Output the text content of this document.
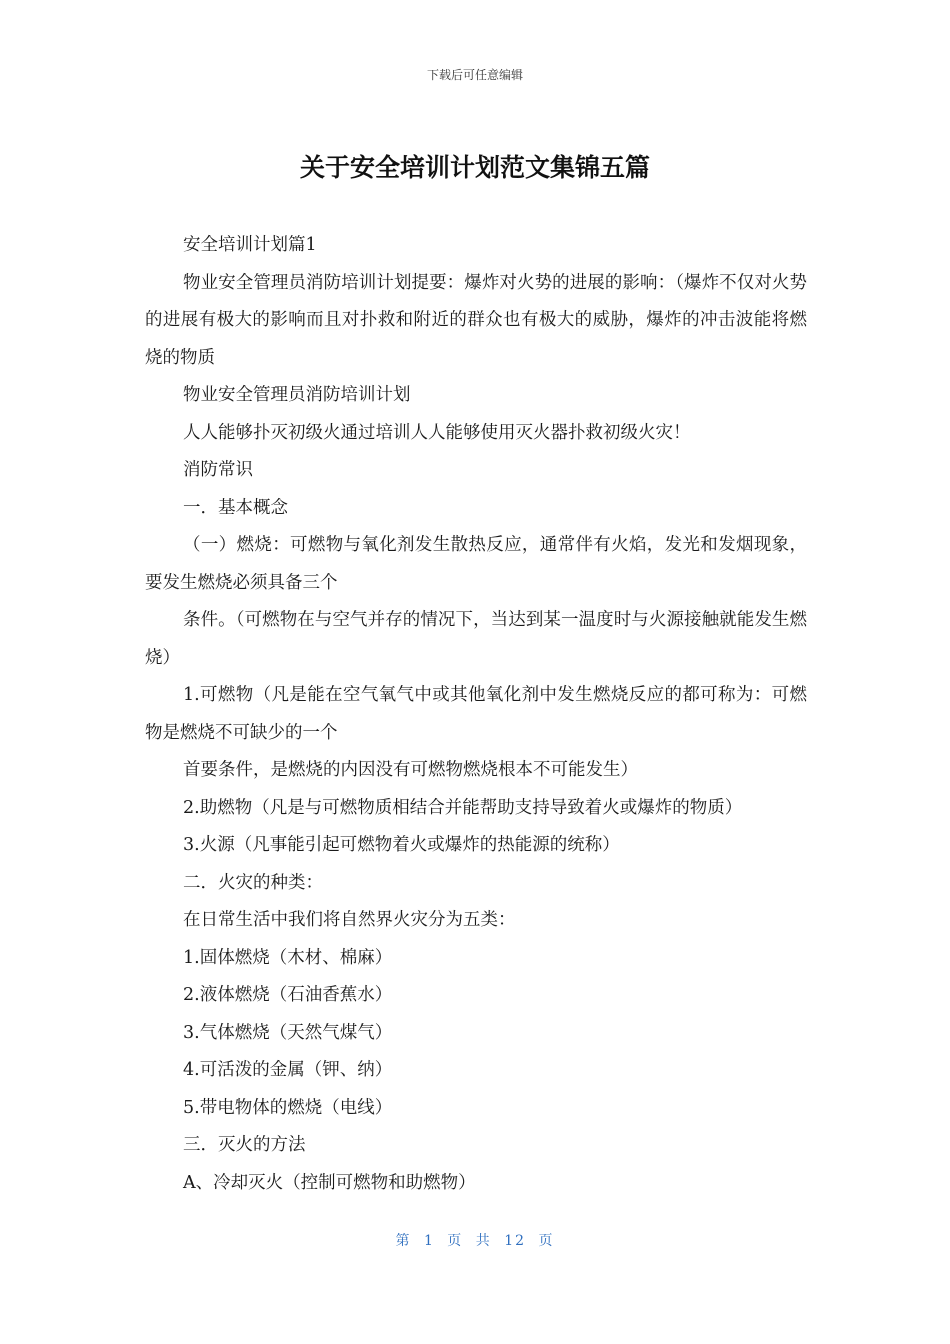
下载后可任意编辑
关于安全培训计划范文集锦五篇

安全培训计划篇1

物业安全管理员消防培训计划提要：爆炸对火势的进展的影响：（爆炸不仅对火势的进展有极大的影响而且对扑救和附近的群众也有极大的威胁，爆炸的冲击波能将燃烧的物质

物业安全管理员消防培训计划

人人能够扑灭初级火通过培训人人能够使用灭火器扑救初级火灾！

消防常识

一．基本概念

（一）燃烧：可燃物与氧化剂发生散热反应，通常伴有火焰，发光和发烟现象，要发生燃烧必须具备三个

条件。（可燃物在与空气并存的情况下，当达到某一温度时与火源接触就能发生燃烧）

1.可燃物（凡是能在空气氧气中或其他氧化剂中发生燃烧反应的都可称为：可燃物是燃烧不可缺少的一个

首要条件，是燃烧的内因没有可燃物燃烧根本不可能发生）

2.助燃物（凡是与可燃物质相结合并能帮助支持导致着火或爆炸的物质）

3.火源（凡事能引起可燃物着火或爆炸的热能源的统称）

二．火灾的种类：

在日常生活中我们将自然界火灾分为五类：

1.固体燃烧（木材、棉麻）

2.液体燃烧（石油香蕉水）

3.气体燃烧（天然气煤气）

4.可活泼的金属（钾、纳）

5.带电物体的燃烧（电线）

三．灭火的方法

A、冷却灭火（控制可燃物和助燃物）

第 1 页 共 12 页
